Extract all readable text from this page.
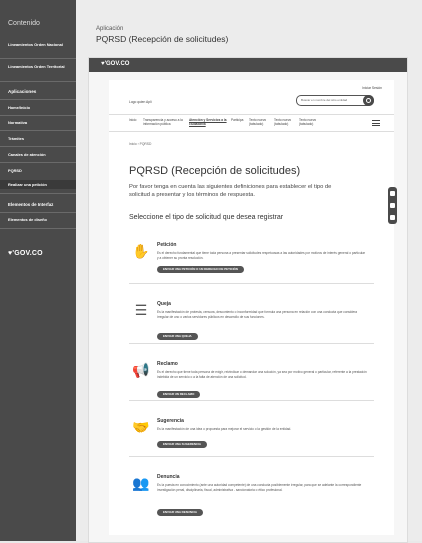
Contenido
Lineamientos Orden Nacional
Lineamientos Orden Territorial
Aplicaciones
Home/Inicio
Normativa
Trámites
Canales de atención
PQRSD
Realizar una petición
Elementos de Interfaz
Elementos de diseño
♥'GOV.CO
Aplicación
PQRSD (Recepción de solicitudes)
♥'GOV.CO
Iniciar Sesión
Logo quien Aplí	Buscar en nombre del sitio entidad
Inicio Transparencia y acceso a la información pública
Atención y Servicios a la ciudadanía
Participa Texto nuevo (tabulado)
Texto nuevo (tabulado)
Texto nuevo (tabulado)
Inicio › PQRSD
PQRSD (Recepción de solicitudes)
Por favor tenga en cuenta las siguientes definiciones para establecer el tipo de solicitud a presentar y los términos de respuesta.
Seleccione el tipo de solicitud que desea registrar
✋ Petición
Es el derecho fundamental que tiene toda persona a presentar solicitudes respetuosas a las autoridades por motivos de interés general o particular y a obtener su pronta resolución.
ENVIAR UNA PETICIÓN O UN DERECHO DE PETICIÓN
☰	Queja
Es la manifestación de protesta, censura, descontento o inconformidad que formula una persona en relación con una conducta que considera irregular de uno o varios servidores públicos en desarrollo de sus funciones.
ENVIAR UNA QUEJA
📢 Reclamo
Es el derecho que tiene toda persona de exigir, reivindicar o demandar una solución, ya sea por motivo general o particular, referente a la prestación indebida de un servicio o a la falta de atención de una solicitud.
ENVIAR UN RECLAMO
🤝 Sugerencia
Es la manifestación de una idea o propuesta para mejorar el servicio o la gestión de la entidad.
ENVIAR UNA SUGERENCIA
👥 Denuncia
Es la puesta en conocimiento (ante una autoridad competente) de una conducta posiblemente irregular, para que se adelante la correspondiente investigación penal, disciplinaria, fiscal, administrativa - sancionatoria o ético profesional.
ENVIAR UNA DENUNCIA
